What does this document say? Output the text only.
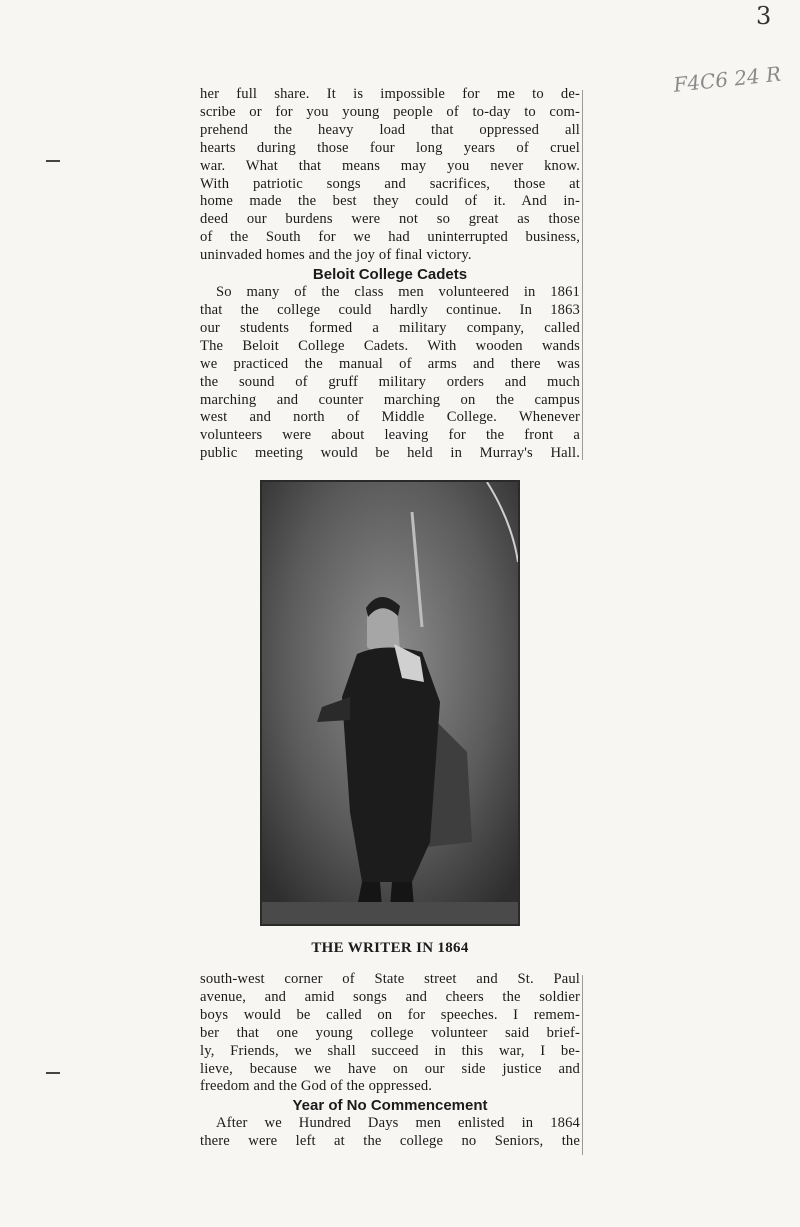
3
F4C6 24 R

her full share. It is impossible for me to de-
scribe or for you young people of to-day to com-
prehend the heavy load that oppressed all
hearts during those four long years of cruel
war. What that means may you never know.
With patriotic songs and sacrifices, those at
home made the best they could of it. And in-
deed our burdens were not so great as those
of the South for we had uninterrupted business,
uninvaded homes and the joy of final victory.

Beloit College Cadets

So many of the class men volunteered in 1861
that the college could hardly continue. In 1863
our students formed a military company, called
The Beloit College Cadets. With wooden wands
we practiced the manual of arms and there was
the sound of gruff military orders and much
marching and counter marching on the campus
west and north of Middle College. Whenever
volunteers were about leaving for the front a
public meeting would be held in Murray's Hall.

THE WRITER IN 1864

south-west corner of State street and St. Paul
avenue, and amid songs and cheers the soldier
boys would be called on for speeches. I remem-
ber that one young college volunteer said brief-
ly, Friends, we shall succeed in this war, I be-
lieve, because we have on our side justice and
freedom and the God of the oppressed.

Year of No Commencement

After we Hundred Days men enlisted in 1864
there were left at the college no Seniors, the
